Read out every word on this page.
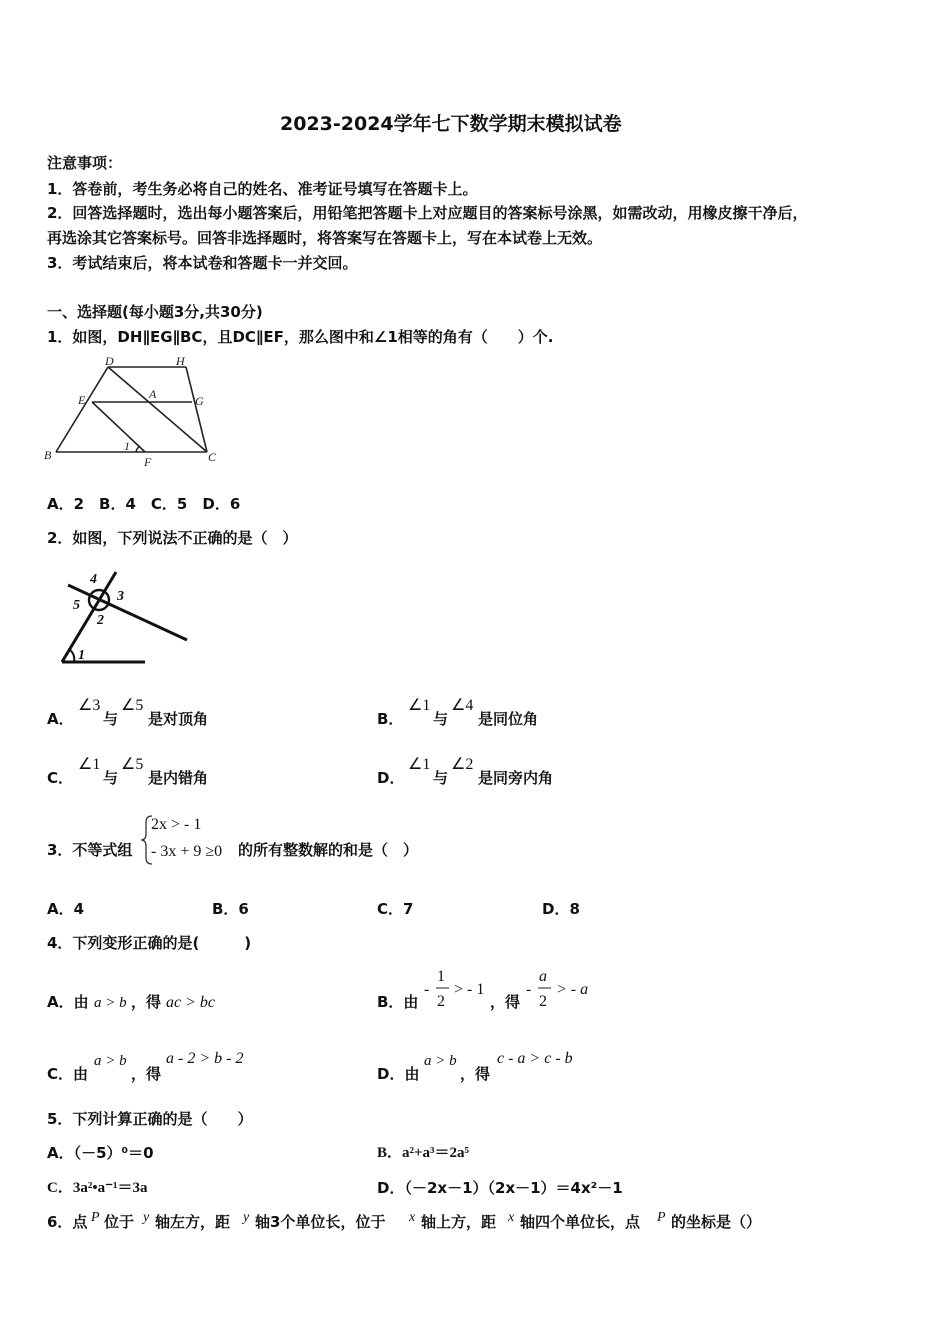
2023-2024学年七下数学期末模拟试卷
注意事项：
1．答卷前，考生务必将自己的姓名、准考证号填写在答题卡上。
2．回答选择题时，选出每小题答案后，用铅笔把答题卡上对应题目的答案标号涂黑，如需改动，用橡皮擦干净后，
再选涂其它答案标号。回答非选择题时，将答案写在答题卡上，写在本试卷上无效。
3．考试结束后，将本试卷和答题卡一并交回。
一、选择题(每小题3分,共30分)
1．如图，DH∥EG∥BC，且DC∥EF，那么图中和∠1相等的角有（　　）个.
D	H
E	A	G
B	C
F
1
A．2　B．4　C．5　D．6
2．如图，下列说法不正确的是（　）
1
2
3
4
5
A．
∠3
与
∠5
是对顶角	B．
∠1
与
∠4
是同位角
C．
∠1
与
∠5
是内错角	D．
∠1
与
∠2
是同旁内角
3．不等式组
2x > - 1
- 3x + 9 ≥0 的所有整数解的和是（　）
A．4	B．6	C．7	D．8
4．下列变形正确的是(　　　)
A．由 a > b ，得 ac > bc	B．由
-
1
2
> - 1
，得
-
a
2
> - a
C．由
a > b
，得
a - 2 > b - 2
D．由
a > b
，得
c - a > c - b
5．下列计算正确的是（　　）
A．（－5）⁰＝0	B．a²+a³＝2a⁵
C．3a²•a⁻¹＝3a	D．（－2x－1）（2x－1）＝4x²－1
6．点 P 位于 y 轴左方，距 y 轴3个单位长，位于 x 轴上方，距 x 轴四个单位长，点 P 的坐标是（）
